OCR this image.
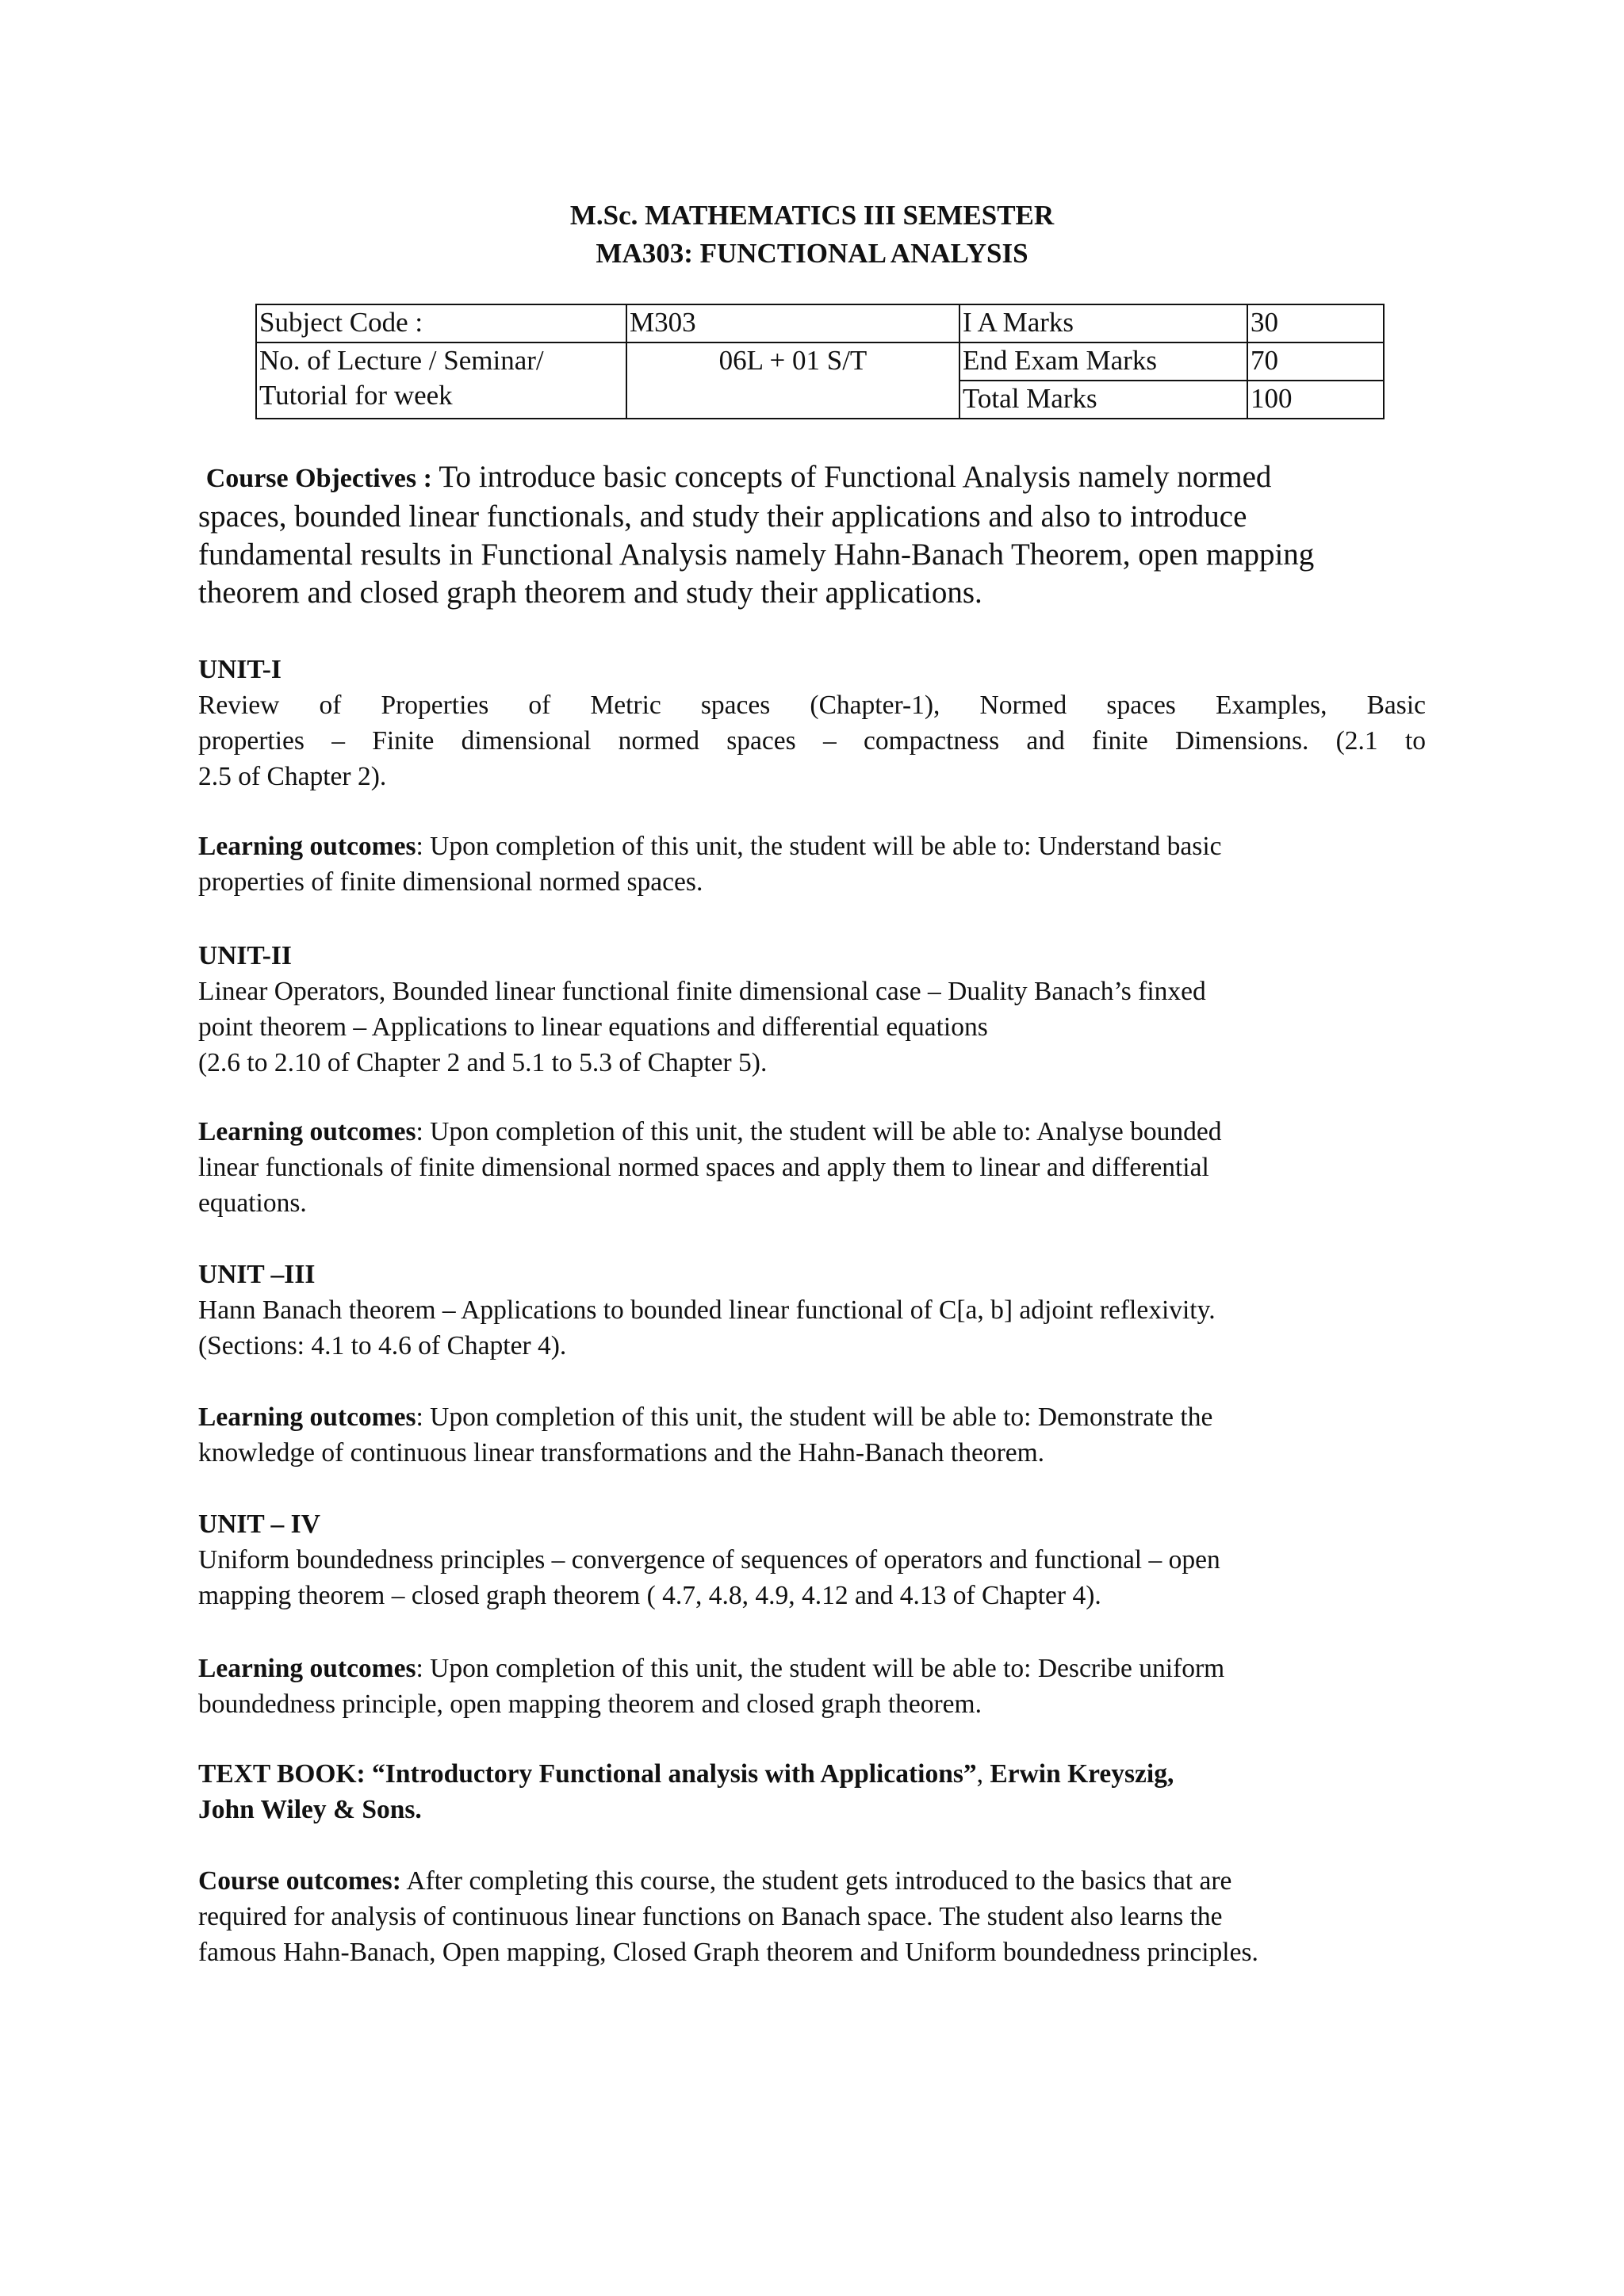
M.Sc. MATHEMATICS III SEMESTER
MA303: FUNCTIONAL ANALYSIS
Subject Code :	M303	I A Marks	30

No. of Lecture / Seminar/
Tutorial for week	06L + 01 S/T	End Exam Marks	70
		Total Marks	100
Course Objectives : To introduce basic concepts of Functional Analysis namely normed
spaces, bounded linear functionals, and study their applications and also to introduce
fundamental results in Functional Analysis namely Hahn-Banach Theorem, open mapping
theorem and closed graph theorem and study their applications.
UNIT-I
Review of Properties of Metric spaces (Chapter-1), Normed spaces Examples, Basic
properties – Finite dimensional normed spaces – compactness and finite Dimensions. (2.1 to
2.5 of Chapter 2).
Learning outcomes: Upon completion of this unit, the student will be able to: Understand basic
properties of finite dimensional normed spaces.
UNIT-II
Linear Operators, Bounded linear functional finite dimensional case – Duality Banach’s finxed
point theorem – Applications to linear equations and differential equations
(2.6 to 2.10 of Chapter 2 and 5.1 to 5.3 of Chapter 5).
Learning outcomes: Upon completion of this unit, the student will be able to: Analyse bounded
linear functionals of finite dimensional normed spaces and apply them to linear and differential
equations.
UNIT –III
Hann Banach theorem – Applications to bounded linear functional of C[a, b] adjoint reflexivity.
(Sections: 4.1 to 4.6 of Chapter 4).
Learning outcomes: Upon completion of this unit, the student will be able to: Demonstrate the
knowledge of continuous linear transformations and the Hahn-Banach theorem.
UNIT – IV
Uniform boundedness principles – convergence of sequences of operators and functional – open
mapping theorem – closed graph theorem ( 4.7, 4.8, 4.9, 4.12 and 4.13 of Chapter 4).
Learning outcomes: Upon completion of this unit, the student will be able to: Describe uniform
boundedness principle, open mapping theorem and closed graph theorem.
TEXT BOOK: “Introductory Functional analysis with Applications”, Erwin Kreyszig,
John Wiley & Sons.
Course outcomes: After completing this course, the student gets introduced to the basics that are
required for analysis of continuous linear functions on Banach space. The student also learns the
famous Hahn-Banach, Open mapping, Closed Graph theorem and Uniform boundedness principles.
